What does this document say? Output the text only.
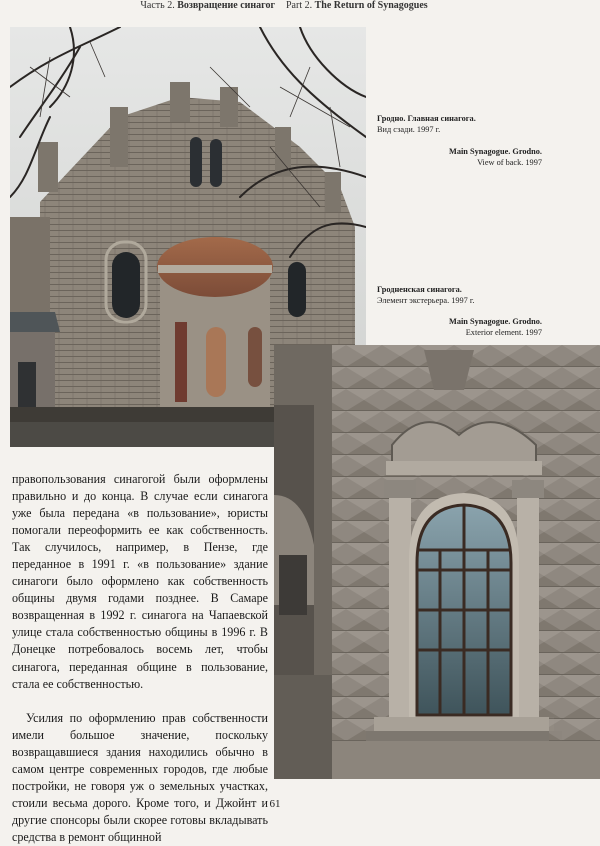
Часть 2. Возвращение синагог Part 2. The Return of Synagogues
Гродно. Главная синагога.
Вид сзади. 1997 г.
Main Synagogue. Grodno.
View of back. 1997
Гродненская синагога.
Элемент экстерьера. 1997 г.
Main Synagogue. Grodno.
Exterior element. 1997

правопользования синагогой были оформлены правильно и до конца. В случае если синагога уже была передана «в пользование», юристы помогали переоформить ее как собственность. Так случилось, например, в Пензе, где переданное в 1991 г. «в пользование» здание синагоги было оформлено как собственность общины двумя годами позднее. В Самаре возвращенная в 1992 г. синагога на Чапаевской улице стала собственностью общины в 1996 г. В Донецке потребовалось восемь лет, чтобы синагога, переданная общине в пользование, стала ее собственностью.

Усилия по оформлению прав собственности имели большое значение, поскольку возвращавшиеся здания находились обычно в самом центре современных городов, где любые постройки, не говоря уж о земельных участках, стоили весьма дорого. Кроме того, и Джойнт и другие спонсоры были скорее готовы вкладывать средства в ремонт общинной

61
